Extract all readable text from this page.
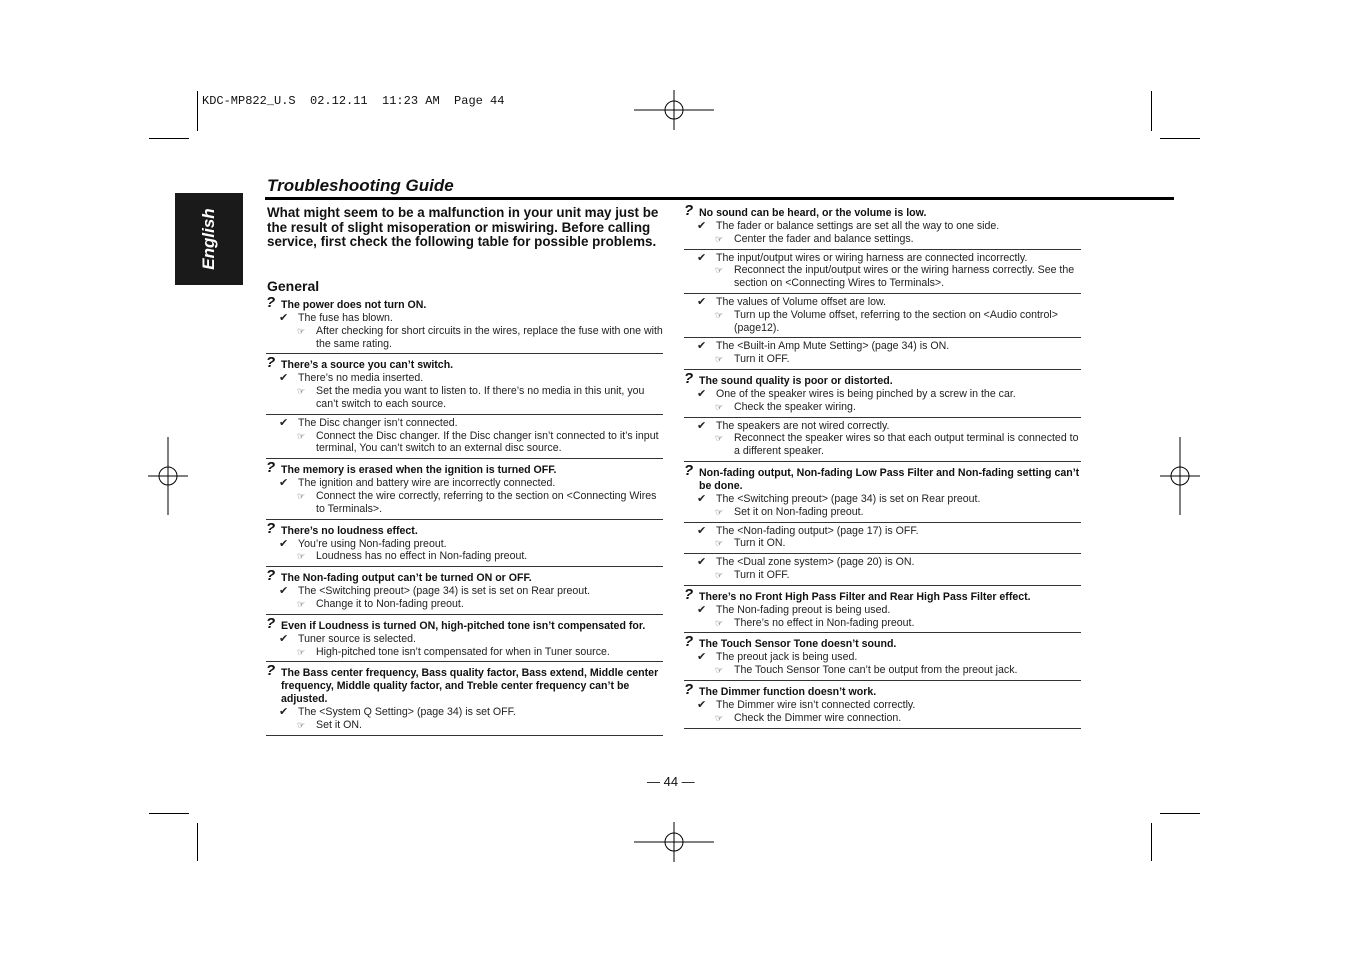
KDC-MP822_U.S  02.12.11  11:23 AM  Page 44
English
Troubleshooting Guide
What might seem to be a malfunction in your unit may just be the result of slight misoperation or miswiring. Before calling service, first check the following table for possible problems.
General
? The power does not turn ON.
✔ The fuse has blown.
☞ After checking for short circuits in the wires, replace the fuse with one with the same rating.
? There’s a source you can’t switch.
✔ There’s no media inserted.
☞ Set the media you want to listen to. If there’s no media in this unit, you can’t switch to each source.
✔ The Disc changer isn’t connected.
☞ Connect the Disc changer. If the Disc changer isn’t connected to it’s input terminal, You can’t switch to an external disc source.
? The memory is erased when the ignition is turned OFF.
✔ The ignition and battery wire are incorrectly connected.
☞ Connect the wire correctly, referring to the section on <Connecting Wires to Terminals>.
? There’s no loudness effect.
✔ You’re using Non-fading preout.
☞ Loudness has no effect in Non-fading preout.
? The Non-fading output can’t be turned ON or OFF.
✔ The <Switching preout> (page 34) is set is set on Rear preout.
☞ Change it to Non-fading preout.
? Even if Loudness is turned ON, high-pitched tone isn’t compensated for.
✔ Tuner source is selected.
☞ High-pitched tone isn’t compensated for when in Tuner source.
? The Bass center frequency, Bass quality factor, Bass extend, Middle center frequency, Middle quality factor, and Treble center frequency can’t be adjusted.
✔ The <System Q Setting> (page 34) is set OFF.
☞ Set it ON.
? No sound can be heard, or the volume is low.
✔ The fader or balance settings are set all the way to one side.
☞ Center the fader and balance settings.
✔ The input/output wires or wiring harness are connected incorrectly.
☞ Reconnect the input/output wires or the wiring harness correctly. See the section on <Connecting Wires to Terminals>.
✔ The values of Volume offset are low.
☞ Turn up the Volume offset, referring to the section on <Audio control> (page12).
✔ The <Built-in Amp Mute Setting> (page 34) is ON.
☞ Turn it OFF.
? The sound quality is poor or distorted.
✔ One of the speaker wires is being pinched by a screw in the car.
☞ Check the speaker wiring.
✔ The speakers are not wired correctly.
☞ Reconnect the speaker wires so that each output terminal is connected to a different speaker.
? Non-fading output, Non-fading Low Pass Filter and Non-fading setting can’t be done.
✔ The <Switching preout> (page 34) is set on Rear preout.
☞ Set it on Non-fading preout.
✔ The <Non-fading output> (page 17) is OFF.
☞ Turn it ON.
✔ The <Dual zone system> (page 20) is ON.
☞ Turn it OFF.
? There’s no Front High Pass Filter and Rear High Pass Filter effect.
✔ The Non-fading preout is being used.
☞ There’s no effect in Non-fading preout.
? The Touch Sensor Tone doesn’t sound.
✔ The preout jack is being used.
☞ The Touch Sensor Tone can’t be output from the preout jack.
? The Dimmer function doesn’t work.
✔ The Dimmer wire isn’t connected correctly.
☞ Check the Dimmer wire connection.
— 44 —
